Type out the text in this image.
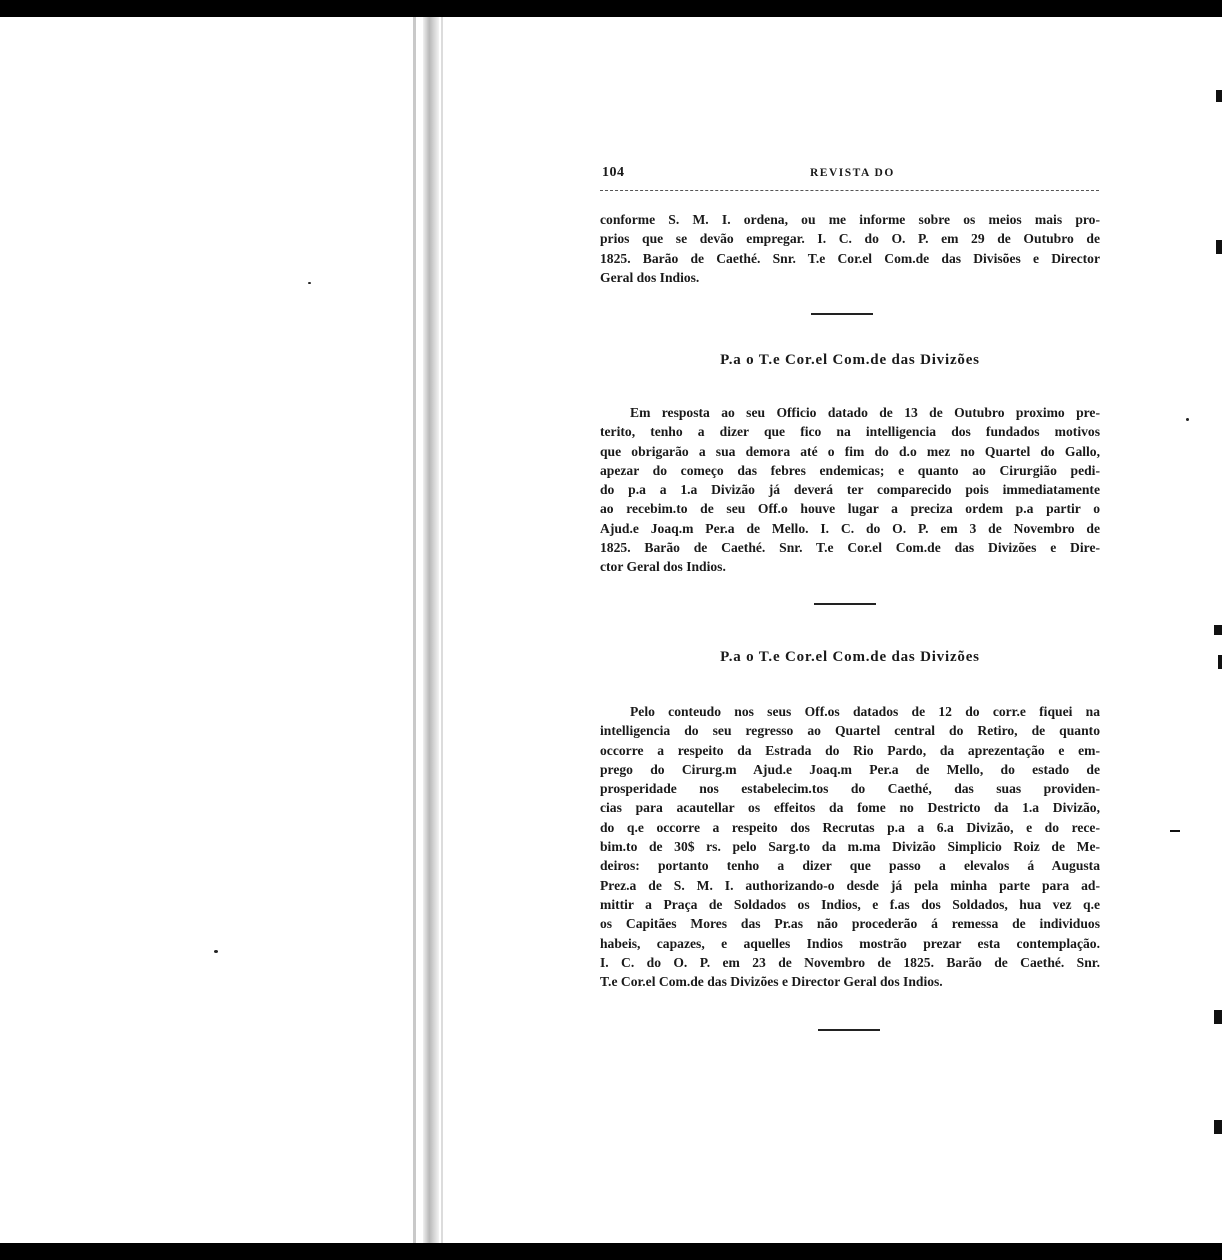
104	REVISTA DO
conforme S. M. I. ordena, ou me informe sobre os meios mais pro-
prios que se devão empregar. I. C. do O. P. em 29 de Outubro de
1825. Barão de Caethé. Snr. T.e Cor.el Com.de das Divisões e Director
Geral dos Indios.
P.a o T.e Cor.el Com.de das Divizões
Em resposta ao seu Officio datado de 13 de Outubro proximo pre-
terito, tenho a dizer que fico na intelligencia dos fundados motivos
que obrigarão a sua demora até o fim do d.o mez no Quartel do Gallo,
apezar do começo das febres endemicas; e quanto ao Cirurgião pedi-
do p.a a 1.a Divizão já deverá ter comparecido pois immediatamente
ao recebim.to de seu Off.o houve lugar a preciza ordem p.a partir o
Ajud.e Joaq.m Per.a de Mello. I. C. do O. P. em 3 de Novembro de
1825. Barão de Caethé. Snr. T.e Cor.el Com.de das Divizões e Dire-
ctor Geral dos Indios.
P.a o T.e Cor.el Com.de das Divizões
Pelo conteudo nos seus Off.os datados de 12 do corr.e fiquei na
intelligencia do seu regresso ao Quartel central do Retiro, de quanto
occorre a respeito da Estrada do Rio Pardo, da aprezentação e em-
prego do Cirurg.m Ajud.e Joaq.m Per.a de Mello, do estado de
prosperidade nos estabelecim.tos do Caethé, das suas providen-
cias para acautellar os effeitos da fome no Destricto da 1.a Divizão,
do q.e occorre a respeito dos Recrutas p.a a 6.a Divizão, e do rece-
bim.to de 30$ rs. pelo Sarg.to da m.ma Divizão Simplicio Roiz de Me-
deiros: portanto tenho a dizer que passo a elevalos á Augusta
Prez.a de S. M. I. authorizando-o desde já pela minha parte para ad-
mittir a Praça de Soldados os Indios, e f.as dos Soldados, hua vez q.e
os Capitães Mores das Pr.as não procederão á remessa de individuos
habeis, capazes, e aquelles Indios mostrão prezar esta contemplação.
I. C. do O. P. em 23 de Novembro de 1825. Barão de Caethé. Snr.
T.e Cor.el Com.de das Divizões e Director Geral dos Indios.
